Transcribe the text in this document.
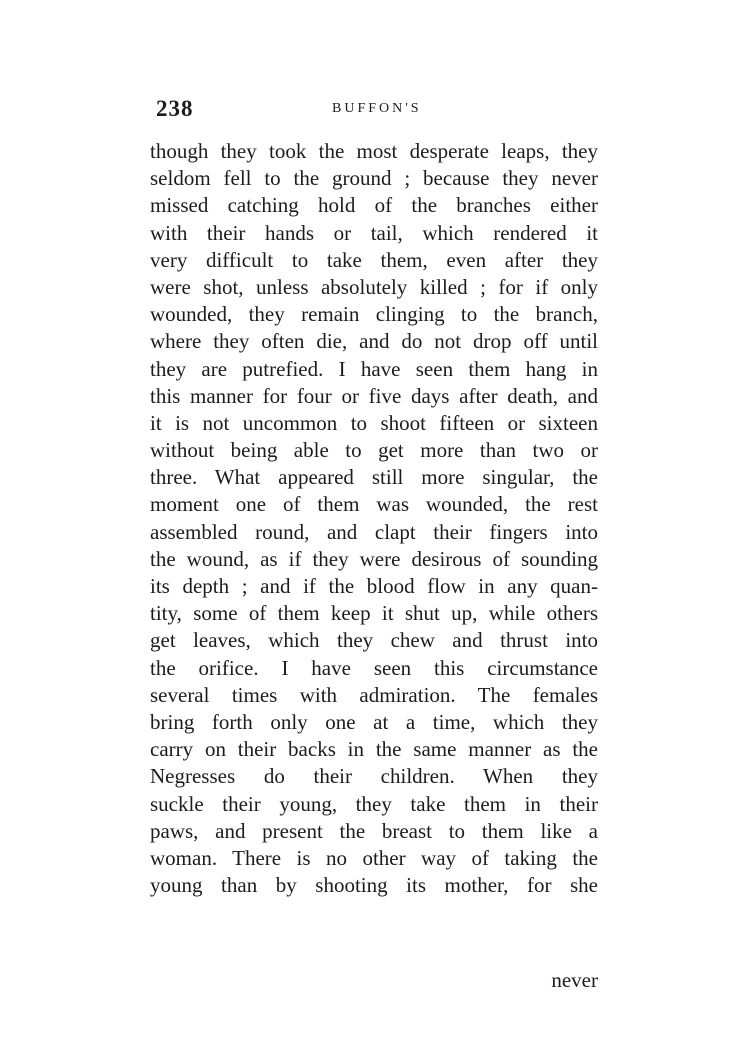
238	BUFFON'S
though they took the most desperate leaps, they
seldom fell to the ground ; because they never
missed catching hold of the branches either
with their hands or tail, which rendered it
very difficult to take them, even after they
were shot, unless absolutely killed ; for if only
wounded, they remain clinging to the branch,
where they often die, and do not drop off until
they are putrefied. I have seen them hang in
this manner for four or five days after death, and
it is not uncommon to shoot fifteen or sixteen
without being able to get more than two or
three. What appeared still more singular, the
moment one of them was wounded, the rest
assembled round, and clapt their fingers into
the wound, as if they were desirous of sounding
its depth ; and if the blood flow in any quan-
tity, some of them keep it shut up, while others
get leaves, which they chew and thrust into
the orifice. I have seen this circumstance
several times with admiration. The females
bring forth only one at a time, which they
carry on their backs in the same manner as the
Negresses do their children. When they
suckle their young, they take them in their
paws, and present the breast to them like a
woman. There is no other way of taking the
young than by shooting its mother, for she
never
